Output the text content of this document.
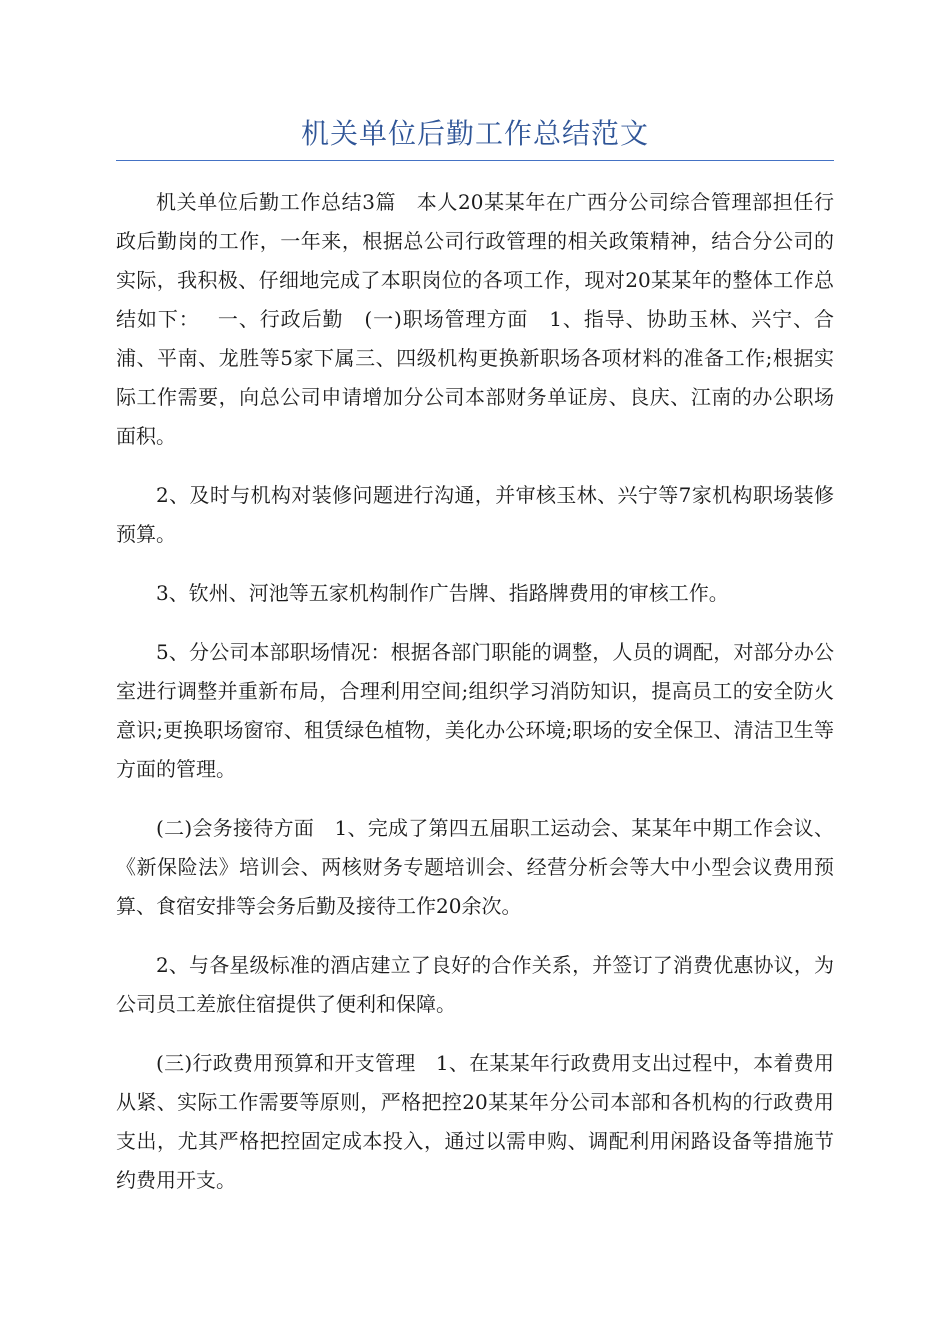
机关单位后勤工作总结范文

机关单位后勤工作总结3篇　本人20某某年在广西分公司综合管理部担任行政后勤岗的工作，一年来，根据总公司行政管理的相关政策精神，结合分公司的实际，我积极、仔细地完成了本职岗位的各项工作，现对20某某年的整体工作总结如下：　 一、行政后勤　(一)职场管理方面　1、指导、协助玉林、兴宁、合浦、平南、龙胜等5家下属三、四级机构更换新职场各项材料的准备工作;根据实际工作需要，向总公司申请增加分公司本部财务单证房、良庆、江南的办公职场面积。

2、及时与机构对装修问题进行沟通，并审核玉林、兴宁等7家机构职场装修预算。

3、钦州、河池等五家机构制作广告牌、指路牌费用的审核工作。

5、分公司本部职场情况：根据各部门职能的调整，人员的调配，对部分办公室进行调整并重新布局，合理利用空间;组织学习消防知识，提高员工的安全防火意识;更换职场窗帘、租赁绿色植物，美化办公环境;职场的安全保卫、清洁卫生等方面的管理。

(二)会务接待方面　1、完成了第四五届职工运动会、某某年中期工作会议、《新保险法》培训会、两核财务专题培训会、经营分析会等大中小型会议费用预算、食宿安排等会务后勤及接待工作20余次。

2、与各星级标准的酒店建立了良好的合作关系，并签订了消费优惠协议，为公司员工差旅住宿提供了便利和保障。

(三)行政费用预算和开支管理　1、在某某年行政费用支出过程中，本着费用从紧、实际工作需要等原则，严格把控20某某年分公司本部和各机构的行政费用支出，尤其严格把控固定成本投入，通过以需申购、调配利用闲路设备等措施节约费用开支。
